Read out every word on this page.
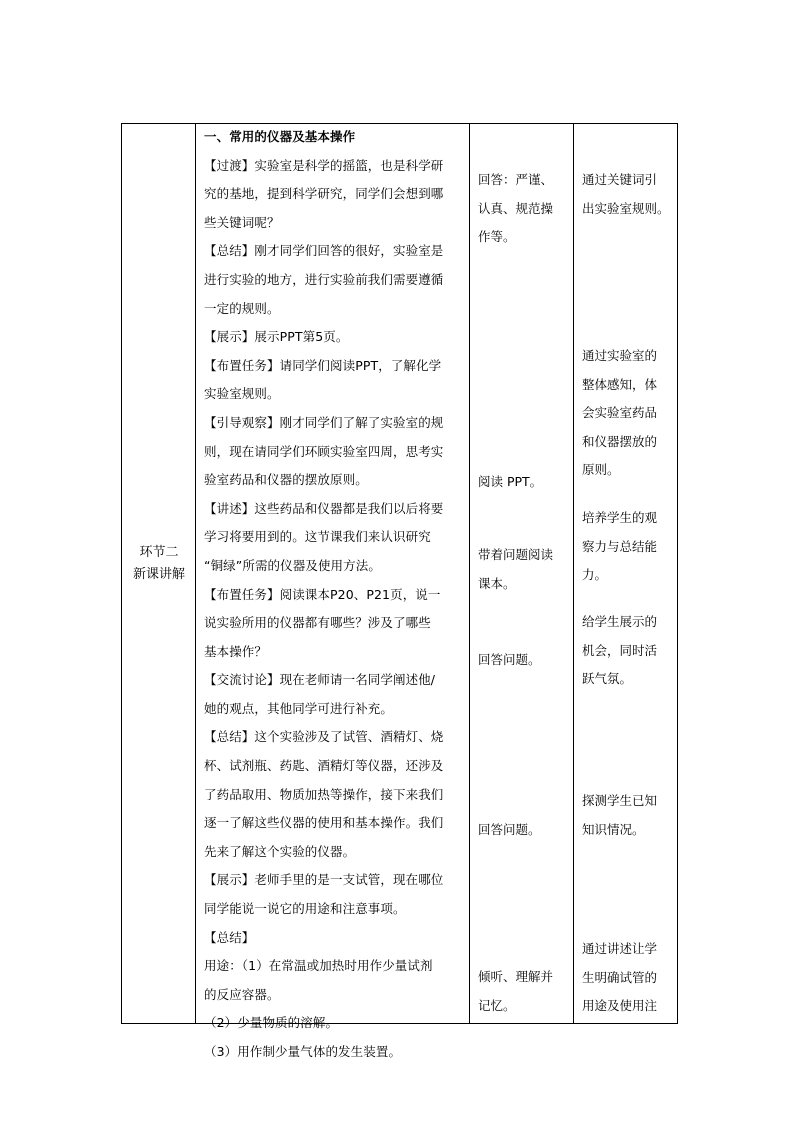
环节二
新课讲解
一、常用的仪器及基本操作
【过渡】实验室是科学的摇篮，也是科学研
究的基地，提到科学研究，同学们会想到哪
些关键词呢？
【总结】刚才同学们回答的很好，实验室是
进行实验的地方，进行实验前我们需要遵循
一定的规则。
【展示】展示PPT第5页。
【布置任务】请同学们阅读PPT，了解化学
实验室规则。
【引导观察】刚才同学们了解了实验室的规
则，现在请同学们环顾实验室四周，思考实
验室药品和仪器的摆放原则。
【讲述】这些药品和仪器都是我们以后将要
学习将要用到的。这节课我们来认识研究
“铜绿”所需的仪器及使用方法。
【布置任务】阅读课本P20、P21页，说一
说实验所用的仪器都有哪些？涉及了哪些
基本操作？
【交流讨论】现在老师请一名同学阐述他/
她的观点，其他同学可进行补充。
【总结】这个实验涉及了试管、酒精灯、烧
杯、试剂瓶、药匙、酒精灯等仪器，还涉及
了药品取用、物质加热等操作，接下来我们
逐一了解这些仪器的使用和基本操作。我们
先来了解这个实验的仪器。
【展示】老师手里的是一支试管，现在哪位
同学能说一说它的用途和注意事项。
【总结】
用途：（1）在常温或加热时用作少量试剂
的反应容器。
（2）少量物质的溶解。
（3）用作制少量气体的发生装置。
回答：严谨、
认真、规范操
作等。
阅读 PPT。
带着问题阅读
课本。
回答问题。
回答问题。
倾听、理解并
记忆。
通过关键词引
出实验室规则。
通过实验室的
整体感知，体
会实验室药品
和仪器摆放的
原则。
培养学生的观
察力与总结能
力。
给学生展示的
机会，同时活
跃气氛。
探测学生已知
知识情况。
通过讲述让学
生明确试管的
用途及使用注
